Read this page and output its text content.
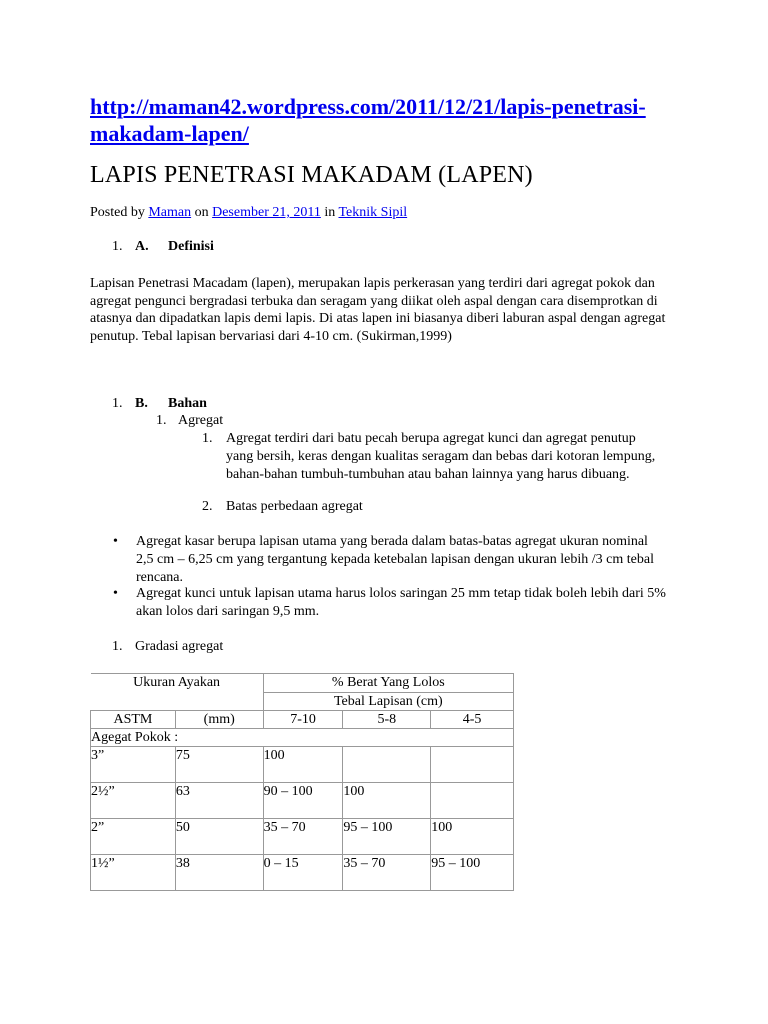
http://maman42.wordpress.com/2011/12/21/lapis-penetrasi-
makadam-lapen/
LAPIS PENETRASI MAKADAM (LAPEN)
Posted by Maman on Desember 21, 2011 in Teknik Sipil
1. A. Definisi
Lapisan Penetrasi Macadam (lapen), merupakan lapis perkerasan yang terdiri dari agregat pokok dan agregat pengunci bergradasi terbuka dan seragam yang diikat oleh aspal dengan cara disemprotkan di atasnya dan dipadatkan lapis demi lapis. Di atas lapen ini biasanya diberi laburan aspal dengan agregat penutup. Tebal lapisan bervariasi dari 4-10 cm. (Sukirman,1999)
1. B. Bahan
1. Agregat
1. Agregat terdiri dari batu pecah berupa agregat kunci dan agregat penutup yang bersih, keras dengan kualitas seragam dan bebas dari kotoran lempung, bahan-bahan tumbuh-tumbuhan atau bahan lainnya yang harus dibuang.
2. Batas perbedaan agregat
• Agregat kasar berupa lapisan utama yang berada dalam batas-batas agregat ukuran nominal 2,5 cm – 6,25 cm yang tergantung kepada ketebalan lapisan dengan ukuran lebih /3 cm tebal rencana.
• Agregat kunci untuk lapisan utama harus lolos saringan 25 mm tetap tidak boleh lebih dari 5% akan lolos dari saringan 9,5 mm.
1. Gradasi agregat
Ukuran Ayakan		% Berat Yang Lolos		
		Tebal Lapisan (cm)		
ASTM	(mm)	7-10	5-8	4-5
Agegat Pokok :				
3”	75	100		
2½”	63	90 – 100	100	
2”	50	35 – 70	95 – 100	100
1½”	38	0 – 15	35 – 70	95 – 100
